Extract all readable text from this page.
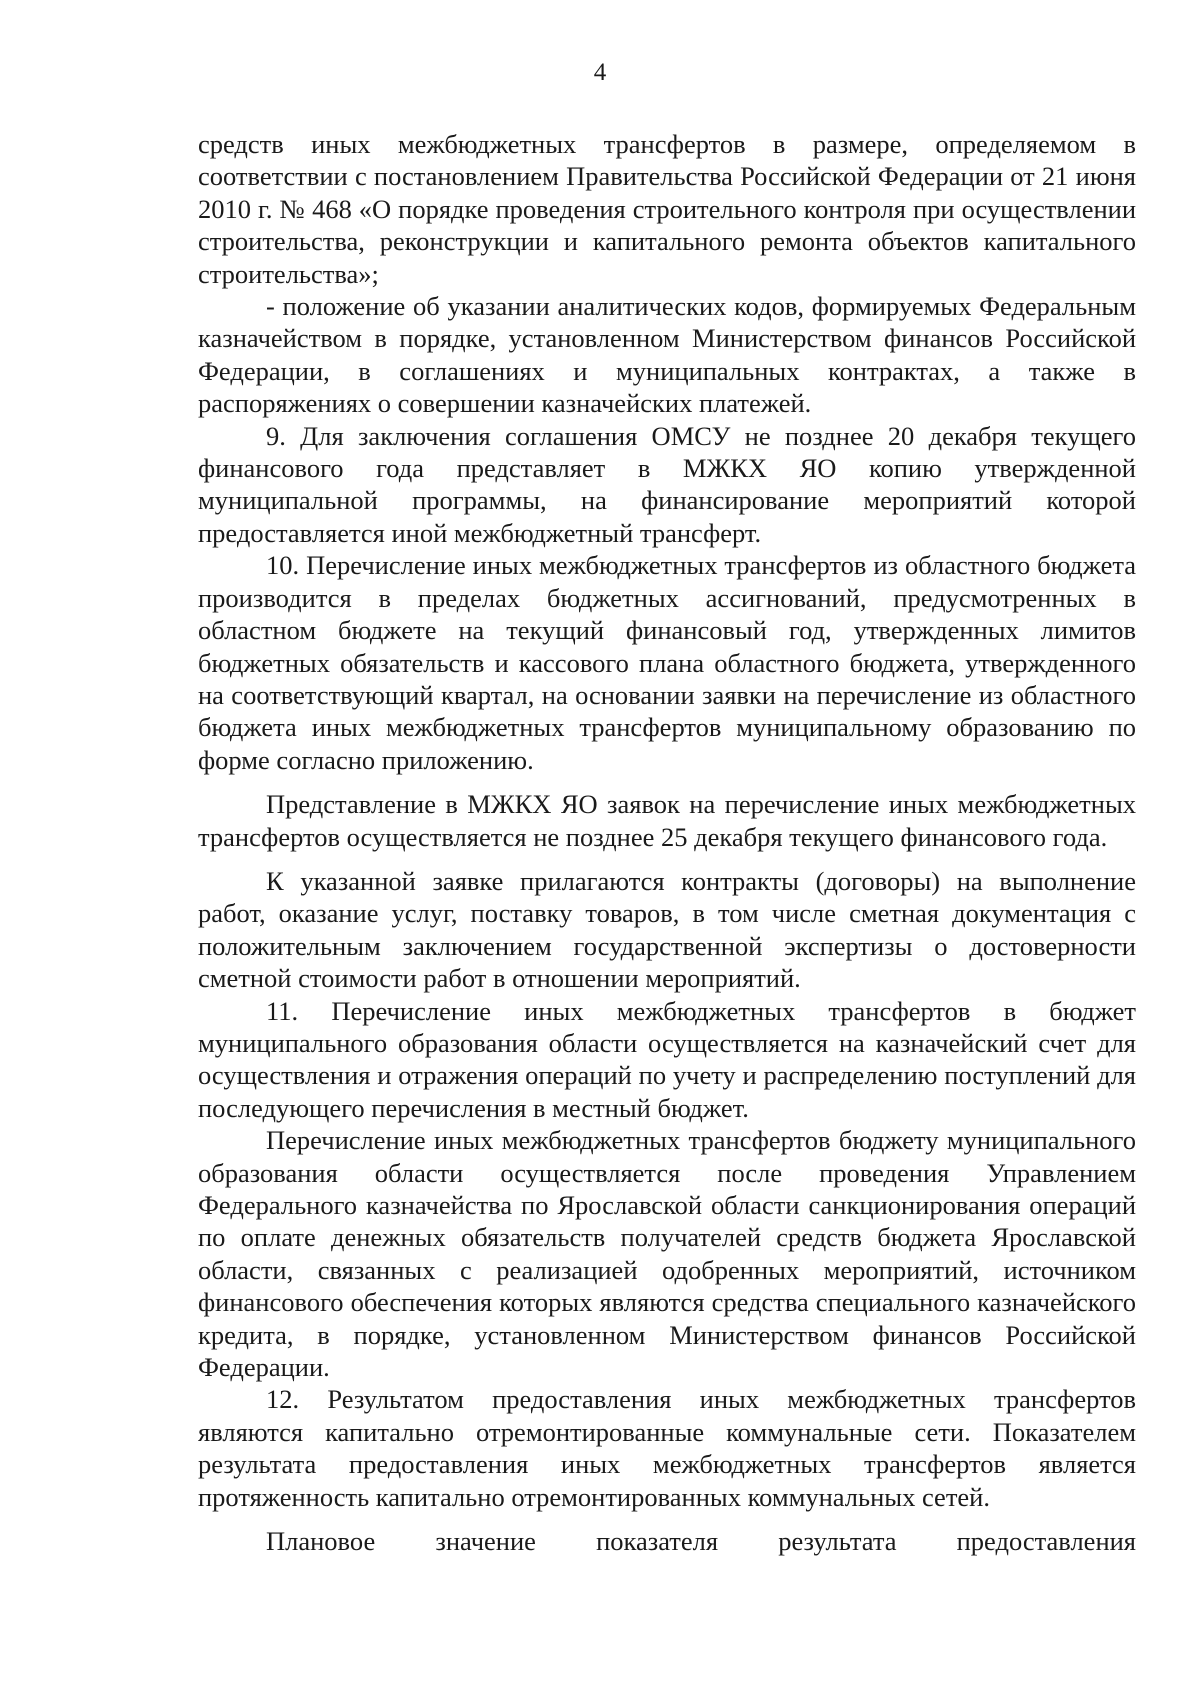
4

средств иных межбюджетных трансфертов в размере, определяемом в соответствии с постановлением Правительства Российской Федерации от 21 июня 2010 г. № 468 «О порядке проведения строительного контроля при осуществлении строительства, реконструкции и капитального ремонта объектов капитального строительства»;

- положение об указании аналитических кодов, формируемых Федеральным казначейством в порядке, установленном Министерством финансов Российской Федерации, в соглашениях и муниципальных контрактах, а также в распоряжениях о совершении казначейских платежей.

9. Для заключения соглашения ОМСУ не позднее 20 декабря текущего финансового года представляет в МЖКХ ЯО копию утвержденной муниципальной программы, на финансирование мероприятий которой предоставляется иной межбюджетный трансферт.

10. Перечисление иных межбюджетных трансфертов из областного бюджета производится в пределах бюджетных ассигнований, предусмотренных в областном бюджете на текущий финансовый год, утвержденных лимитов бюджетных обязательств и кассового плана областного бюджета, утвержденного на соответствующий квартал, на основании заявки на перечисление из областного бюджета иных межбюджетных трансфертов муниципальному образованию по форме согласно приложению.

Представление в МЖКХ ЯО заявок на перечисление иных межбюджетных трансфертов осуществляется не позднее 25 декабря текущего финансового года.

К указанной заявке прилагаются контракты (договоры) на выполнение работ, оказание услуг, поставку товаров, в том числе сметная документация с положительным заключением государственной экспертизы о достоверности сметной стоимости работ в отношении мероприятий.

11. Перечисление иных межбюджетных трансфертов в бюджет муниципального образования области осуществляется на казначейский счет для осуществления и отражения операций по учету и распределению поступлений для последующего перечисления в местный бюджет.

Перечисление иных межбюджетных трансфертов бюджету муниципального образования области осуществляется после проведения Управлением Федерального казначейства по Ярославской области санкционирования операций по оплате денежных обязательств получателей средств бюджета Ярославской области, связанных с реализацией одобренных мероприятий, источником финансового обеспечения которых являются средства специального казначейского кредита, в порядке, установленном Министерством финансов Российской Федерации.

12. Результатом предоставления иных межбюджетных трансфертов являются капитально отремонтированные коммунальные сети. Показателем результата предоставления иных межбюджетных трансфертов является протяженность капитально отремонтированных коммунальных сетей.

Плановое значение показателя результата предоставления
